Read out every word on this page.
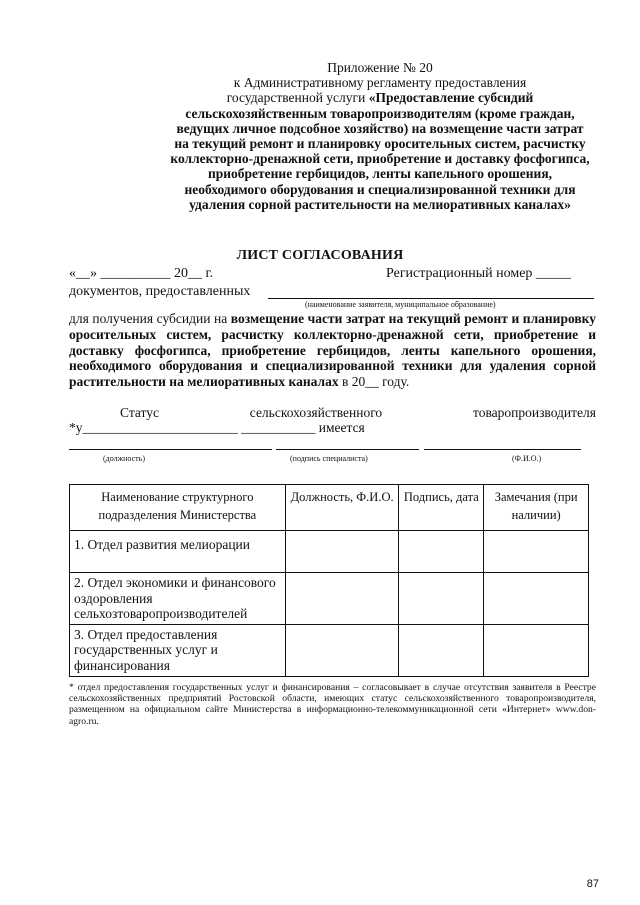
Приложение № 20
к Административному регламенту предоставления
государственной услуги «Предоставление субсидий
сельскохозяйственным товаропроизводителям (кроме граждан, ведущих личное подсобное хозяйство) на возмещение части затрат на текущий ремонт и планировку оросительных систем, расчистку коллекторно-дренажной сети, приобретение и доставку фосфогипса, приобретение гербицидов, ленты капельного орошения, необходимого оборудования и специализированной техники для удаления сорной растительности на мелиоративных каналах»
ЛИСТ СОГЛАСОВАНИЯ
«__» __________ 20__ г.	Регистрационный номер _____
документов, предоставленных
(наименование заявителя, муниципальное образование)
для получения субсидии на возмещение части затрат на текущий ремонт и планировку оросительных систем, расчистку коллекторно-дренажной сети, приобретение и доставку фосфогипса, приобретение гербицидов, ленты капельного орошения, необходимого оборудования и специализированной техники для удаления сорной растительности на мелиоративных каналах в 20__ году.
Статус	сельскохозяйственного	товаропроизводителя
*у_______________________ ___________ имеется
(должность)	(подпись специалиста)	(Ф.И.О.)
Наименование структурного подразделения Министерства	Должность, Ф.И.О.	Подпись, дата	Замечания (при наличии)
1. Отдел развития мелиорации			
2. Отдел экономики и финансового оздоровления сельхозтоваропроизводителей			
3. Отдел предоставления государственных услуг и финансирования			
* отдел предоставления государственных услуг и финансирования – согласовывает в случае отсутствия заявителя в Реестре сельскохозяйственных предприятий Ростовской области, имеющих статус сельскохозяйственного товаропроизводителя, размещенном на официальном сайте Министерства в информационно-телекоммуникационной сети «Интернет» www.don-agro.ru.
87
